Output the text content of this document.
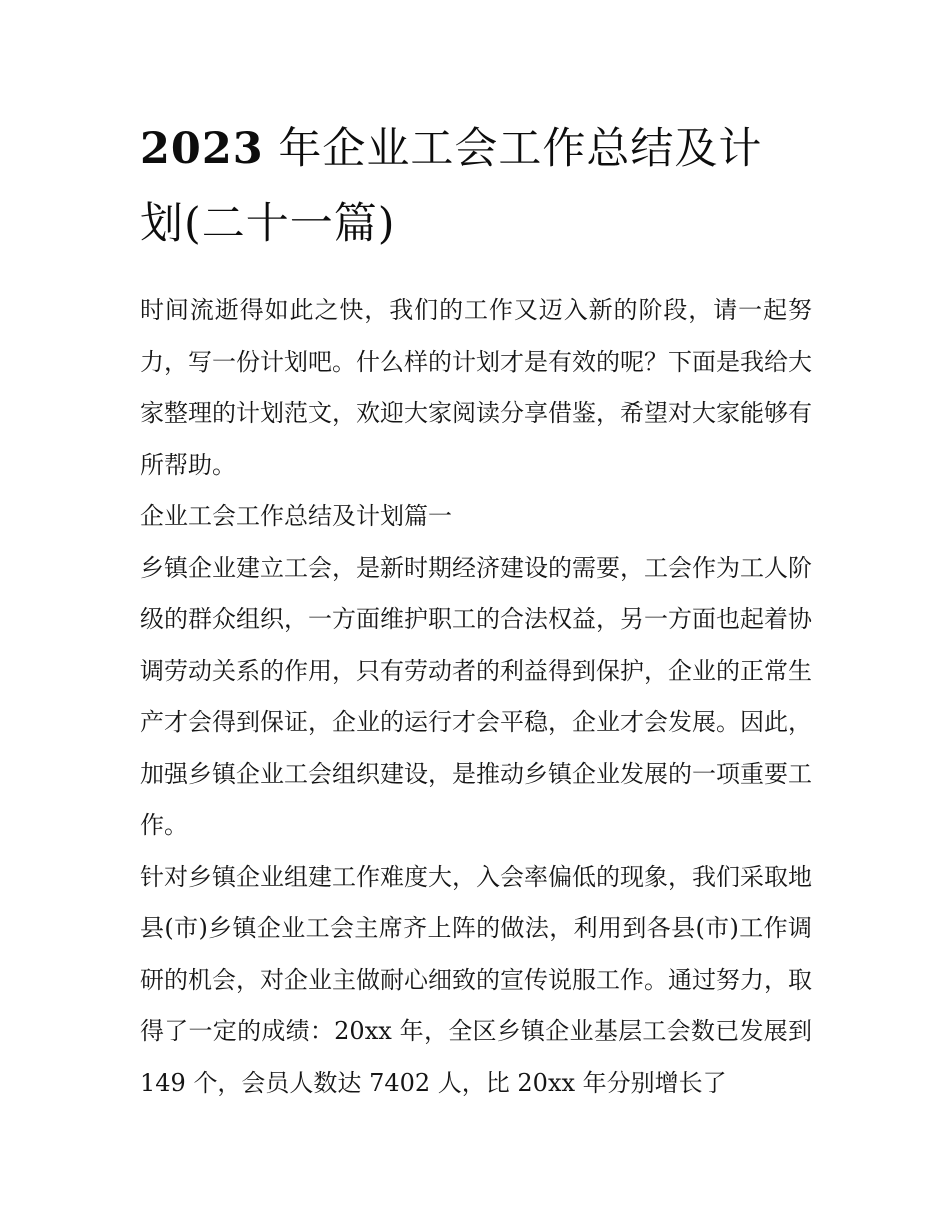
2023 年企业工会工作总结及计
划(二十一篇)

时间流逝得如此之快，我们的工作又迈入新的阶段，请一起努力，写一份计划吧。什么样的计划才是有效的呢？下面是我给大家整理的计划范文，欢迎大家阅读分享借鉴，希望对大家能够有所帮助。

企业工会工作总结及计划篇一

乡镇企业建立工会，是新时期经济建设的需要，工会作为工人阶级的群众组织，一方面维护职工的合法权益，另一方面也起着协调劳动关系的作用，只有劳动者的利益得到保护，企业的正常生产才会得到保证，企业的运行才会平稳，企业才会发展。因此，加强乡镇企业工会组织建设，是推动乡镇企业发展的一项重要工作。

针对乡镇企业组建工作难度大，入会率偏低的现象，我们采取地县(市)乡镇企业工会主席齐上阵的做法，利用到各县(市)工作调研的机会，对企业主做耐心细致的宣传说服工作。通过努力，取得了一定的成绩：20xx 年，全区乡镇企业基层工会数已发展到 149 个，会员人数达 7402 人，比 20xx 年分别增长了
